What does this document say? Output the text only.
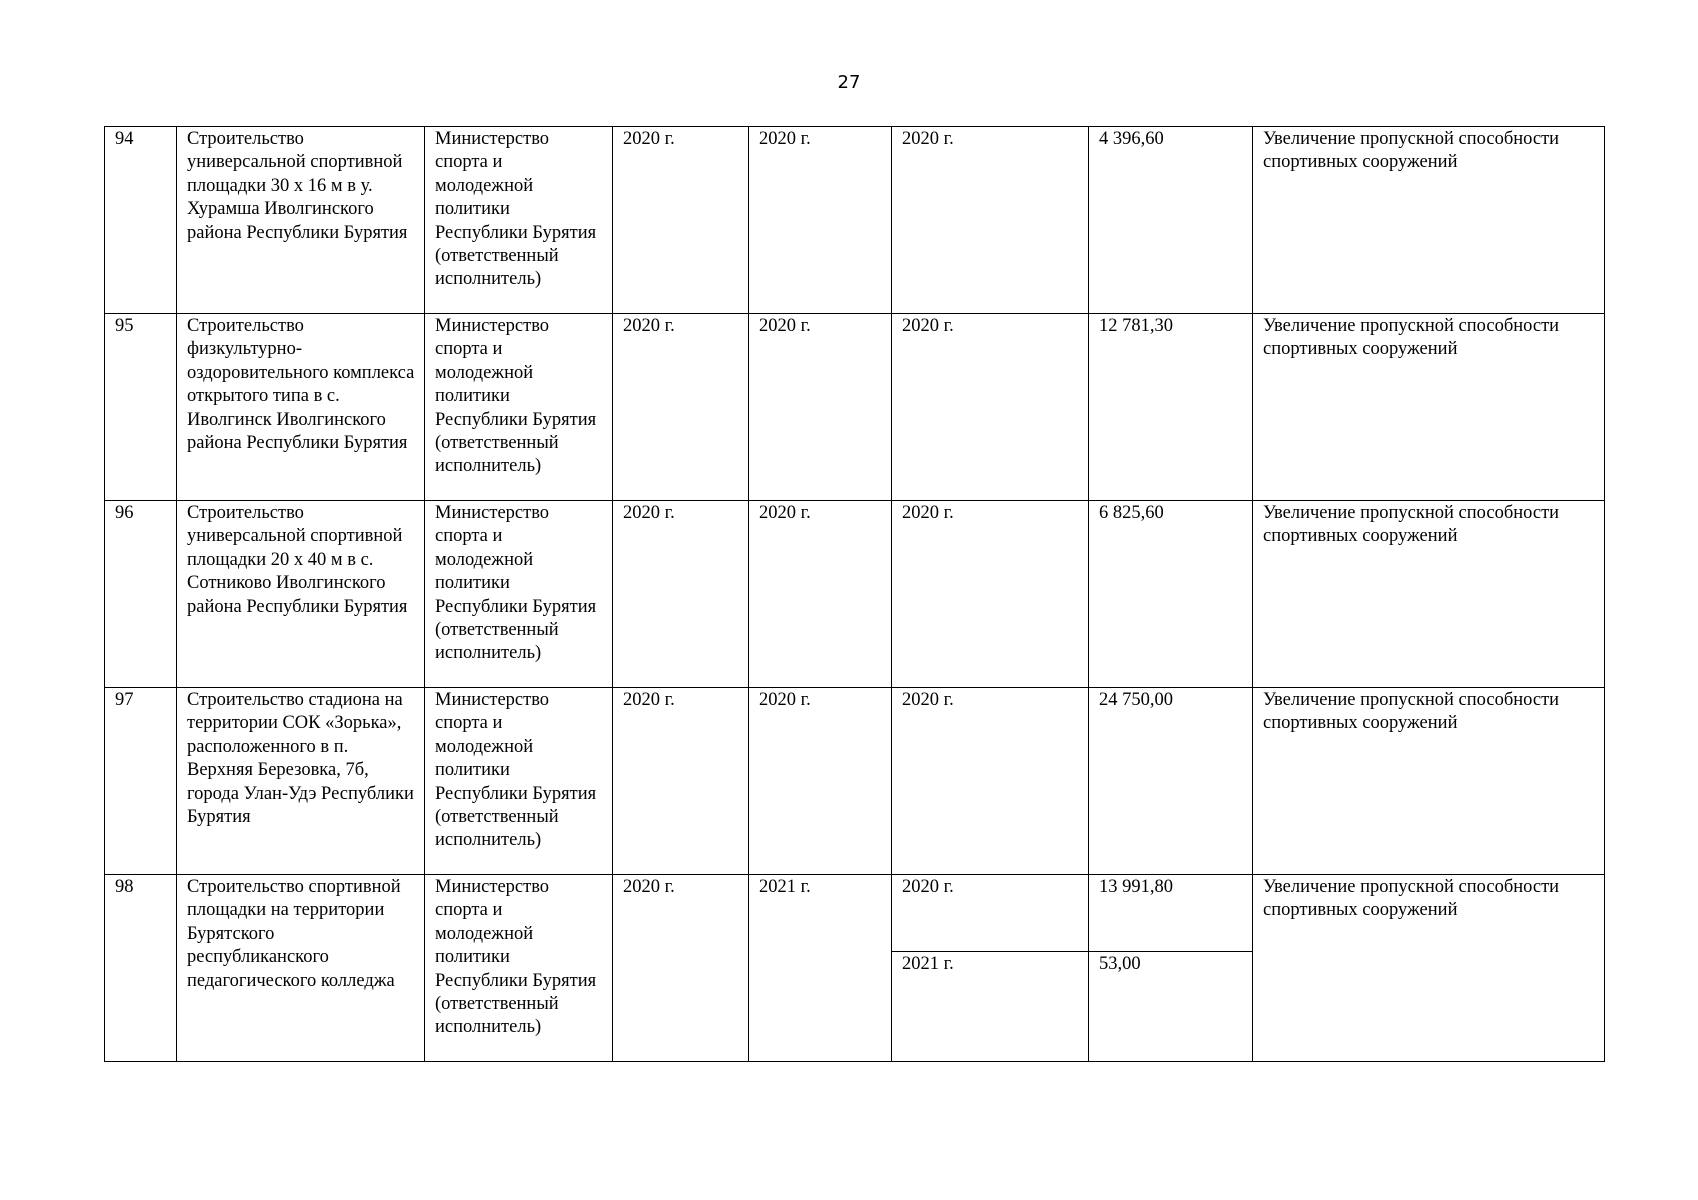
27
94	Строительство универсальной спортивной площадки 30 х 16 м в у. Хурамша Иволгинского района Республики Бурятия	Министерство спорта и молодежной политики Республики Бурятия (ответственный исполнитель)	2020 г.	2020 г.	2020 г.	4 396,60	Увеличение пропускной способности спортивных сооружений
95	Строительство физкультурно-оздоровительного комплекса открытого типа в с. Иволгинск Иволгинского района Республики Бурятия	Министерство спорта и молодежной политики Республики Бурятия (ответственный исполнитель)	2020 г.	2020 г.	2020 г.	12 781,30	Увеличение пропускной способности спортивных сооружений
96	Строительство универсальной спортивной площадки 20 х 40 м в с. Сотниково Иволгинского района Республики Бурятия	Министерство спорта и молодежной политики Республики Бурятия (ответственный исполнитель)	2020 г.	2020 г.	2020 г.	6 825,60	Увеличение пропускной способности спортивных сооружений
97	Строительство стадиона на территории СОК «Зорька», расположенного в п. Верхняя Березовка, 7б, города Улан-Удэ Республики Бурятия	Министерство спорта и молодежной политики Республики Бурятия (ответственный исполнитель)	2020 г.	2020 г.	2020 г.	24 750,00	Увеличение пропускной способности спортивных сооружений
98	Строительство спортивной площадки на территории Бурятского республиканского педагогического колледжа	Министерство спорта и молодежной политики Республики Бурятия (ответственный исполнитель)	2020 г.	2021 г.	2020 г.	13 991,80	Увеличение пропускной способности спортивных сооружений
					2021 г.	53,00	
